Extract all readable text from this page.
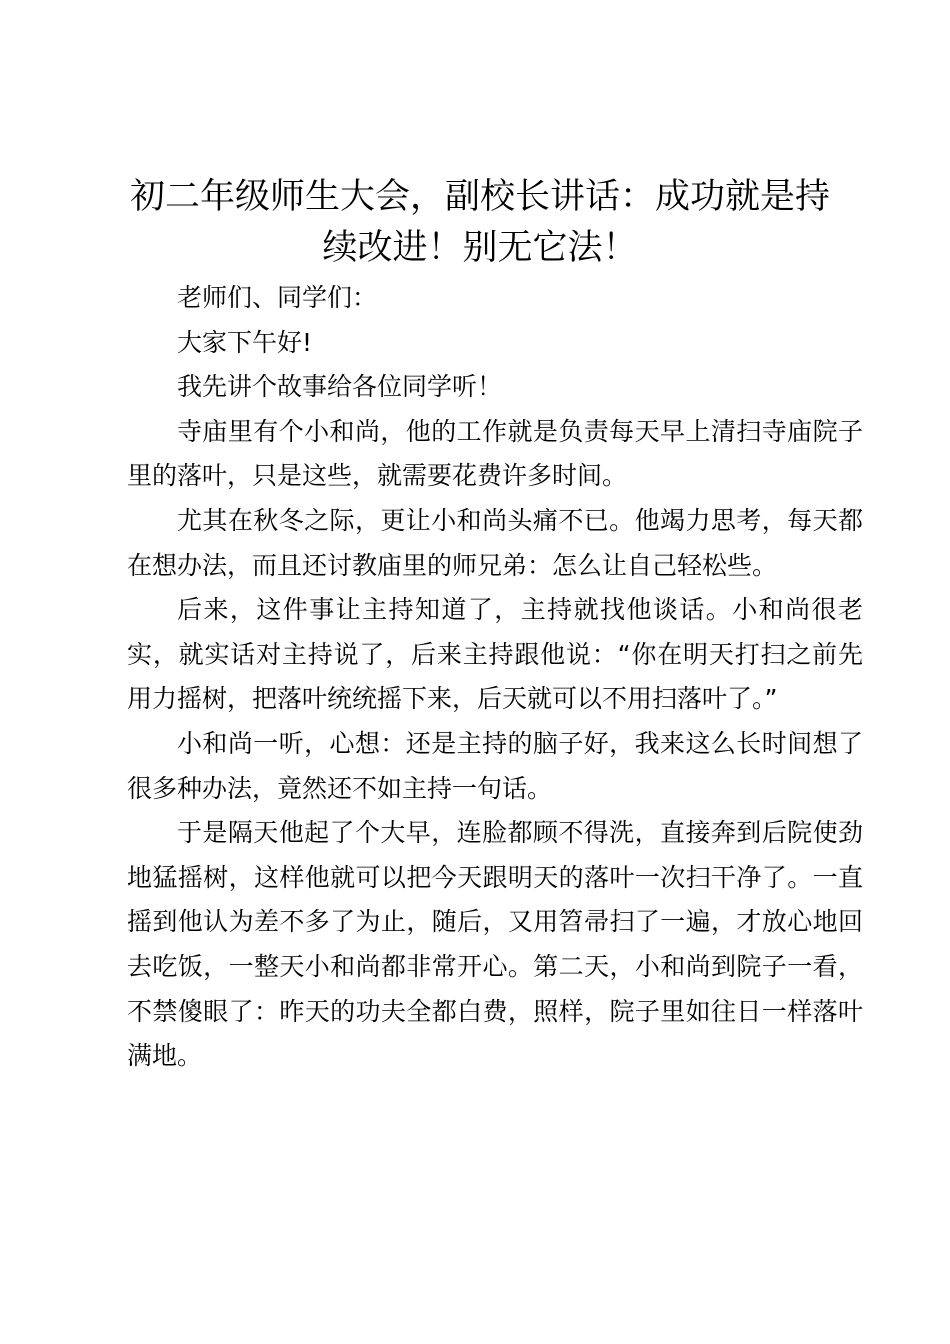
初二年级师生大会，副校长讲话：成功就是持续改进！别无它法！

老师们、同学们：

大家下午好!

我先讲个故事给各位同学听！

寺庙里有个小和尚，他的工作就是负责每天早上清扫寺庙院子里的落叶，只是这些，就需要花费许多时间。

尤其在秋冬之际，更让小和尚头痛不已。他竭力思考，每天都在想办法，而且还讨教庙里的师兄弟：怎么让自己轻松些。

后来，这件事让主持知道了，主持就找他谈话。小和尚很老实，就实话对主持说了，后来主持跟他说：“你在明天打扫之前先用力摇树，把落叶统统摇下来，后天就可以不用扫落叶了。”

小和尚一听，心想：还是主持的脑子好，我来这么长时间想了很多种办法，竟然还不如主持一句话。

于是隔天他起了个大早，连脸都顾不得洗，直接奔到后院使劲地猛摇树，这样他就可以把今天跟明天的落叶一次扫干净了。一直摇到他认为差不多了为止，随后，又用笤帚扫了一遍，才放心地回去吃饭，一整天小和尚都非常开心。第二天，小和尚到院子一看，不禁傻眼了：昨天的功夫全都白费，照样，院子里如往日一样落叶满地。
